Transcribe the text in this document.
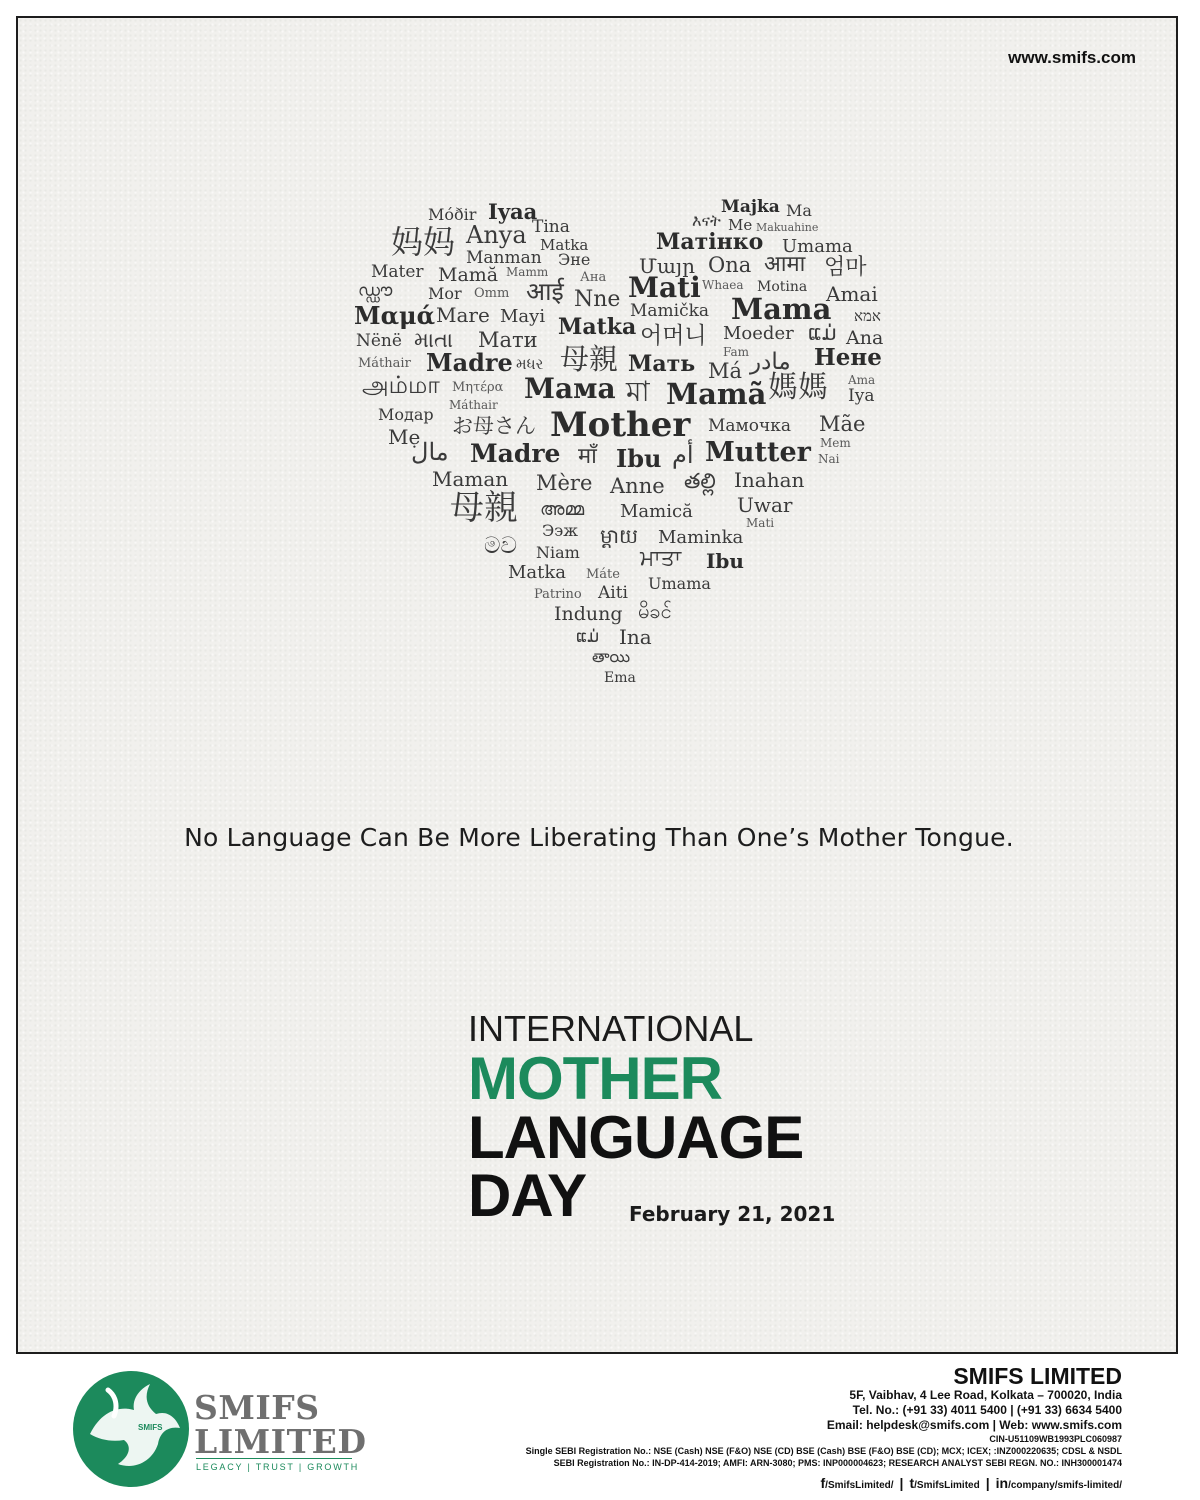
www.smifs.com
Móðir Iyaa
Tina
Majka Ma
እናት Me Makuahine
妈妈 Anya Matka	Матінко Umama
Manman Эне Մայր Ona आमा 엄마
Mater Mamă Mamm Ана Mati Whaea Motina Amai
ഡ്ഡൗ Mor Omm आई Nne
Μαμά Mare Mayi	Mamička Mama אמא
Matka
Nënë માતા Мати	어머니 Moeder ແມ່ Ana
Máthair Madre મધર 母親 Мать Fam
Má مادر Нене
அம்மா Μητέρα Мама মা Mamã 媽媽 Ama
Iya
Máthair
Модар お母さん Mother Мамочка Mãe
Mẹ	Mem
مال Madre माँ Ibu أم Mutter Nai
Maman Mère Anne తల్లి Inahan
母親 അമ്മ Mamică Uwar
Mati
Ээж ម្ដាយ Maminka
මව Niam	ਮਾਤਾ Ibu
Matka Máte Umama
Patrino Aiti
Indung မိခင်
ແມ່ Ina
తాయి
Ema
No Language Can Be More Liberating Than One’s Mother Tongue.
INTERNATIONAL
MOTHER
LANGUAGE
DAY February 21, 2021
SMIFS
SMIFS
LIMITED
LEGACY | TRUST | GROWTH
SMIFS LIMITED
5F, Vaibhav, 4 Lee Road, Kolkata – 700020, India
Tel. No.: (+91 33) 4011 5400 | (+91 33) 6634 5400
Email: helpdesk@smifs.com | Web: www.smifs.com
CIN-U51109WB1993PLC060987
Single SEBI Registration No.: NSE (Cash) NSE (F&O) NSE (CD) BSE (Cash) BSE (F&O) BSE (CD); MCX; ICEX; :INZ000220635; CDSL & NSDL
SEBI Registration No.: IN-DP-414-2019; AMFI: ARN-3080; PMS: INP000004623; RESEARCH ANALYST SEBI REGN. NO.: INH300001474
f/SmifsLimited/ | t/SmifsLimited | in/company/smifs-limited/
